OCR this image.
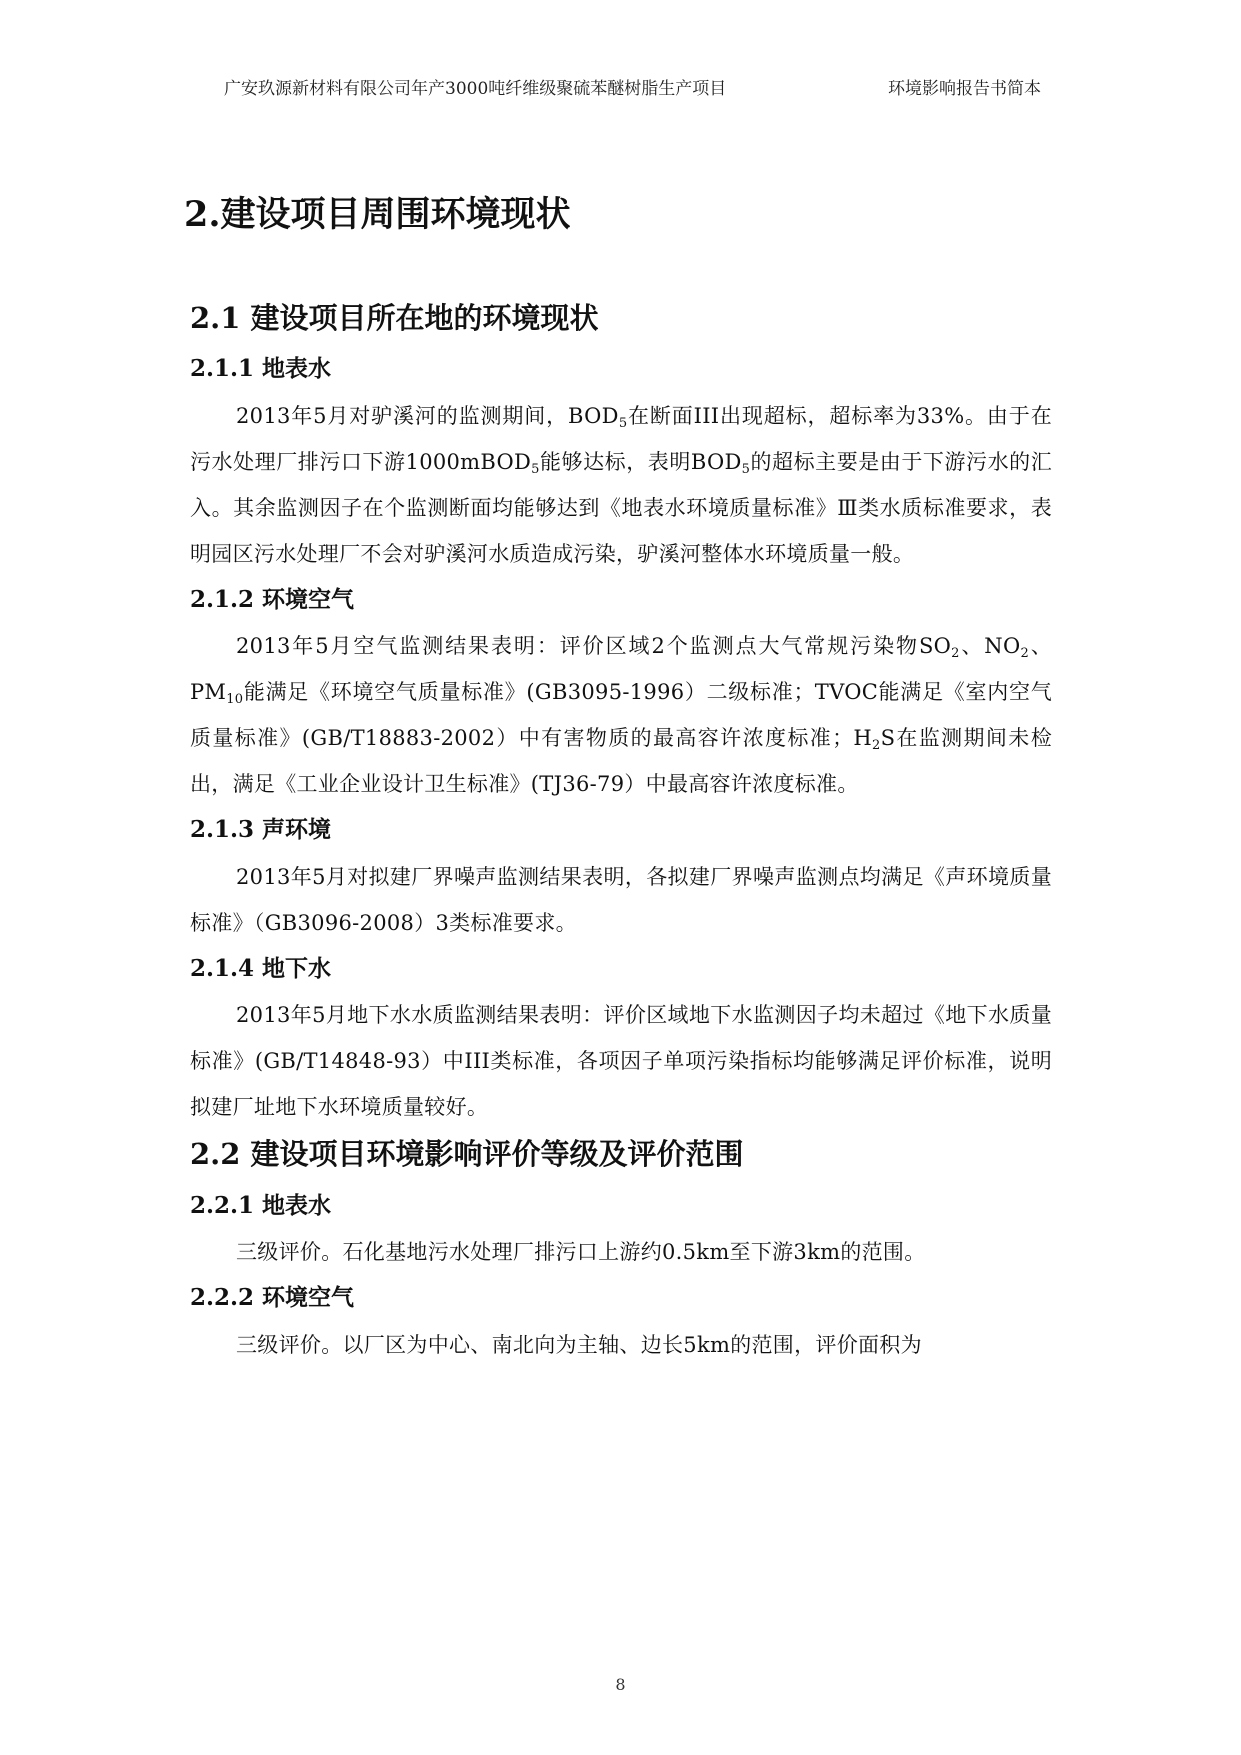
广安玖源新材料有限公司年产3000吨纤维级聚硫苯醚树脂生产项目	环境影响报告书简本
2.建设项目周围环境现状
2.1 建设项目所在地的环境现状
2.1.1 地表水

2013年5月对驴溪河的监测期间，$BOD_5$在断面III出现超标，超标率为33%。由于在污水处理厂排污口下游1000mBOD$_5$能够达标，表明$BOD_5$的超标主要是由于下游污水的汇入。其余监测因子在个监测断面均能够达到《地表水环境质量标准》Ⅲ类水质标准要求，表明园区污水处理厂不会对驴溪河水质造成污染，驴溪河整体水环境质量一般。

2.1.2 环境空气

2013年5月空气监测结果表明：评价区域2个监测点大气常规污染物$SO_2$、$NO_2$、$PM_{10}$能满足《环境空气质量标准》(GB3095-1996）二级标准；TVOC能满足《室内空气质量标准》(GB/T18883-2002）中有害物质的最高容许浓度标准；$H_2S$在监测期间未检出，满足《工业企业设计卫生标准》(TJ36-79）中最高容许浓度标准。

2.1.3 声环境

2013年5月对拟建厂界噪声监测结果表明，各拟建厂界噪声监测点均满足《声环境质量标准》（GB3096-2008）3类标准要求。

2.1.4 地下水

2013年5月地下水水质监测结果表明：评价区域地下水监测因子均未超过《地下水质量标准》(GB/T14848-93）中III类标准，各项因子单项污染指标均能够满足评价标准，说明拟建厂址地下水环境质量较好。

2.2 建设项目环境影响评价等级及评价范围
2.2.1 地表水

三级评价。石化基地污水处理厂排污口上游约0.5km至下游3km的范围。

2.2.2 环境空气

三级评价。以厂区为中心、南北向为主轴、边长5km的范围，评价面积为

8
